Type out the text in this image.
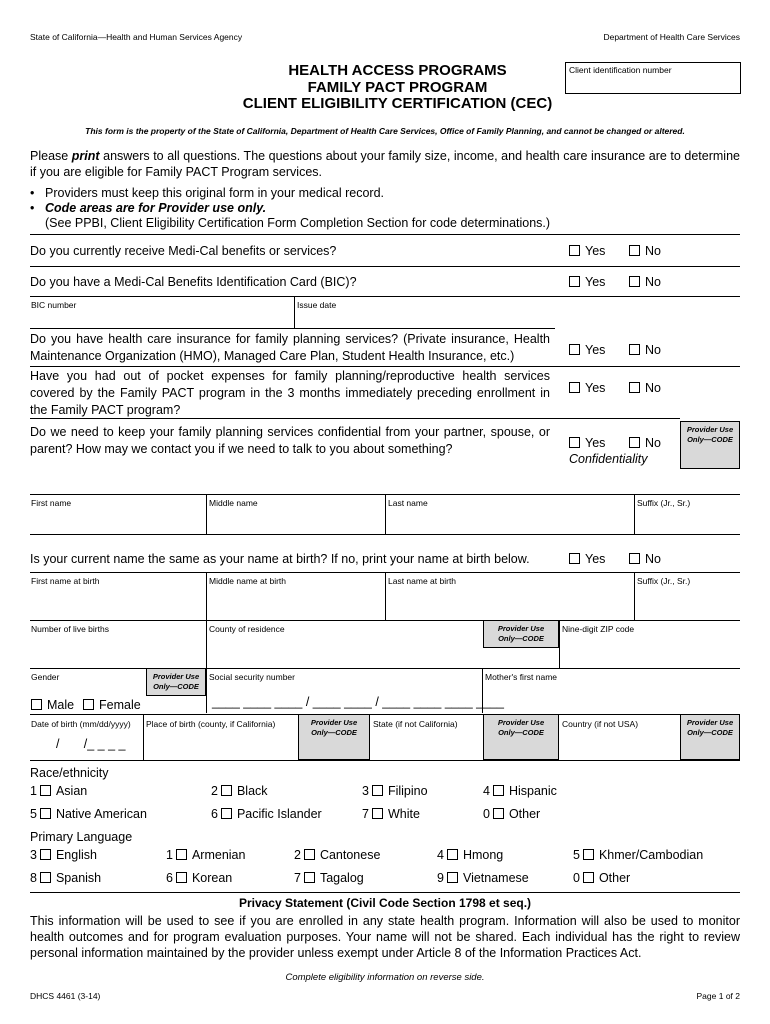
State of California—Health and Human Services Agency	Department of Health Care Services
HEALTH ACCESS PROGRAMS
FAMILY PACT PROGRAM
CLIENT ELIGIBILITY CERTIFICATION (CEC)
Client identification number
This form is the property of the State of California, Department of Health Care Services, Office of Family Planning, and cannot be changed or altered.
Please print answers to all questions. The questions about your family size, income, and health care insurance are to determine if you are eligible for Family PACT Program services.
• Providers must keep this original form in your medical record.
• Code areas are for Provider use only.
(See PPBI, Client Eligibility Certification Form Completion Section for code determinations.)
Do you currently receive Medi-Cal benefits or services?	Yes	No
Do you have a Medi-Cal Benefits Identification Card (BIC)?	Yes	No
BIC number	Issue date
Do you have health care insurance for family planning services? (Private insurance, Health Maintenance Organization (HMO), Managed Care Plan, Student Health Insurance, etc.)	Yes	No
Have you had out of pocket expenses for family planning/reproductive health services covered by the Family PACT program in the 3 months immediately preceding enrollment in the Family PACT program?
Yes	No
Do we need to keep your family planning services confidential from your partner, spouse, or parent? How may we contact you if we need to talk to you about something?	Yes	No
Confidentiality
Provider Use
Only—CODE
First name	Middle name	Last name	Suffix (Jr., Sr.)
Is your current name the same as your name at birth? If no, print your name at birth below.	Yes	No
First name at birth	Middle name at birth	Last name at birth	Suffix (Jr., Sr.)
Number of live births	County of residence	Provider Use
Only—CODE
Nine-digit ZIP code
Gender	Provider Use
Only—CODE
Male Female
Social security number
____ ____ ____ / ____ ____ / ____ ____ ____ ____
Mother's first name
Date of birth (mm/dd/yyyy)
/       /_ _ _ _
Place of birth (county, if California)	Provider Use
Only—CODE
State (if not California)	Provider Use
Only—CODE
Country (if not USA)	Provider Use
Only—CODE
Race/ethnicity
1 Asian	2 Black	3 Filipino	4 Hispanic
5 Native American	6 Pacific Islander	7 White	0 Other
Primary Language
3 English	1 Armenian	2 Cantonese	4 Hmong	5 Khmer/Cambodian
8 Spanish	6 Korean	7 Tagalog	9 Vietnamese	0 Other
Privacy Statement (Civil Code Section 1798 et seq.)
This information will be used to see if you are enrolled in any state health program. Information will also be used to monitor health outcomes and for program evaluation purposes. Your name will not be shared. Each individual has the right to review personal information maintained by the provider unless exempt under Article 8 of the Information Practices Act.
Complete eligibility information on reverse side.
DHCS 4461 (3-14)	Page 1 of 2
